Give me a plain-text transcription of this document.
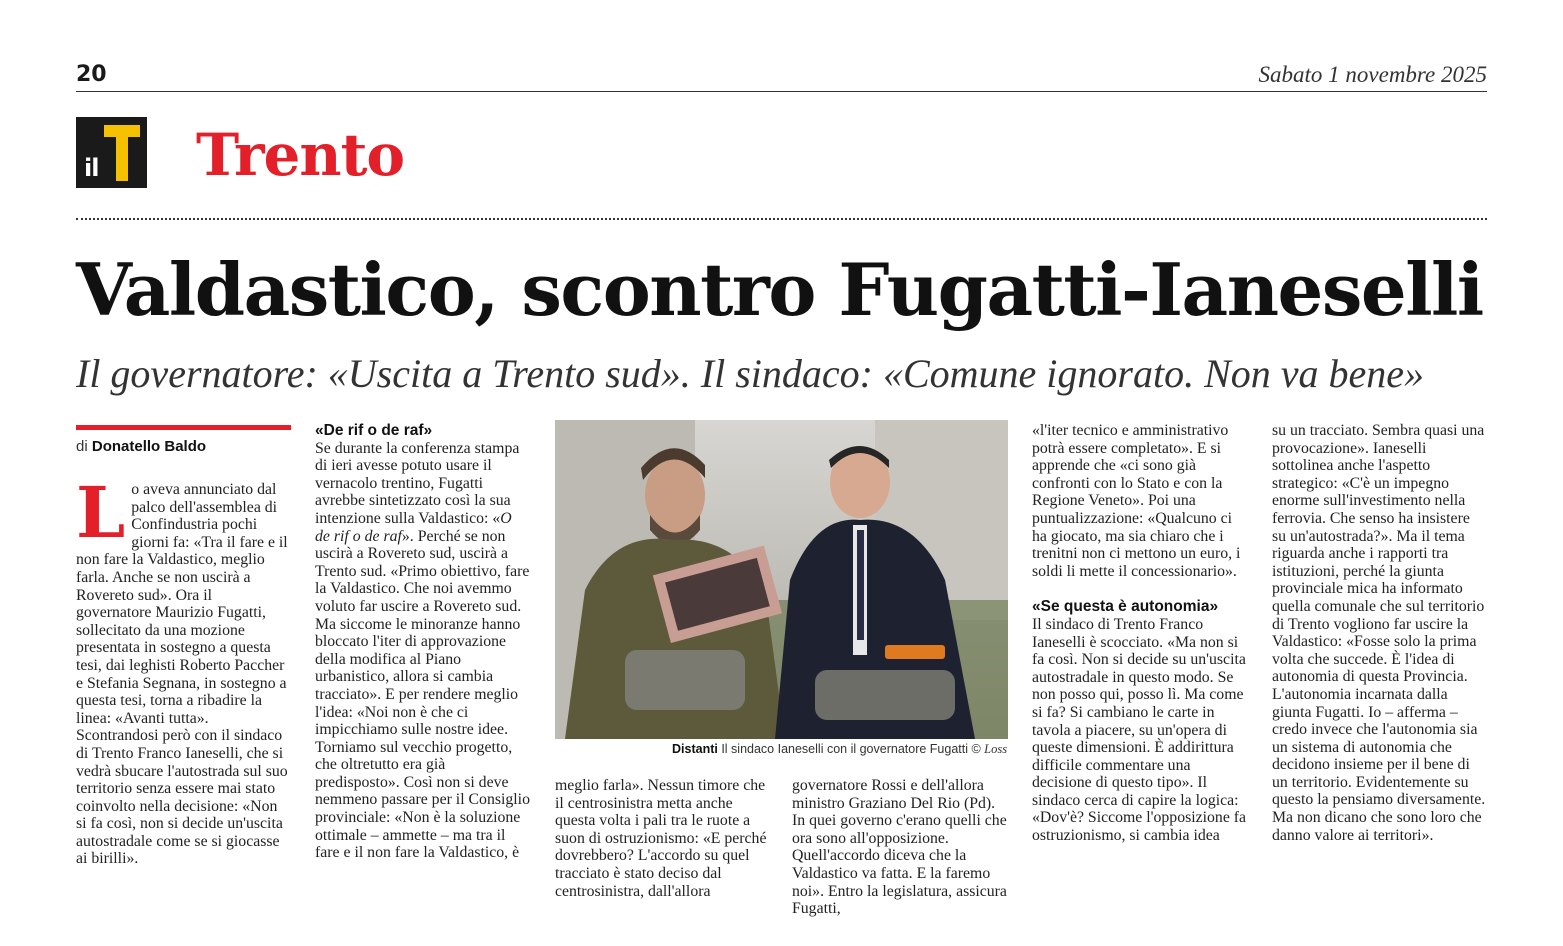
20	Sabato 1 novembre 2025
il Trento
Valdastico, scontro Fugatti-Ianeselli
Il governatore: «Uscita a Trento sud». Il sindaco: «Comune ignorato. Non va bene»
di Donatello Baldo

L o aveva annunciato dal palco dell'assemblea di Confindustria pochi giorni fa: «Tra il fare e il non fare la Valdastico, meglio farla. Anche se non uscirà a Rovereto sud». Ora il governatore Maurizio Fugatti, sollecitato da una mozione presentata in sostegno a questa tesi, dai leghisti Roberto Paccher e Stefania Segnana, in sostegno a questa tesi, torna a ribadire la linea: «Avanti tutta». Scontrandosi però con il sindaco di Trento Franco Ianeselli, che si vedrà sbucare l'autostrada sul suo territorio senza essere mai stato coinvolto nella decisione: «Non si fa così, non si decide un'uscita autostradale come se si giocasse ai birilli».

«De rif o de raf»

Se durante la conferenza stampa di ieri avesse potuto usare il vernacolo trentino, Fugatti avrebbe sintetizzato così la sua intenzione sulla Valdastico: «O de rif o de raf». Perché se non uscirà a Rovereto sud, uscirà a Trento sud. «Primo obiettivo, fare la Valdastico. Che noi avemmo voluto far uscire a Rovereto sud. Ma siccome le minoranze hanno bloccato l'iter di approvazione della modifica al Piano urbanistico, allora si cambia tracciato». E per rendere meglio l'idea: «Noi non è che ci impicchiamo sulle nostre idee. Torniamo sul vecchio progetto, che oltretutto era già predisposto». Così non si deve nemmeno passare per il Consiglio provinciale: «Non è la soluzione ottimale – ammette – ma tra il fare e il non fare la Valdastico, è

Distanti Il sindaco Ianeselli con il governatore Fugatti © Loss

meglio farla». Nessun timore che il centrosinistra metta anche questa volta i pali tra le ruote a suon di ostruzionismo: «E perché dovrebbero? L'accordo su quel tracciato è stato deciso dal centrosinistra, dall'allora

governatore Rossi e dell'allora ministro Graziano Del Rio (Pd). In quei governo c'erano quelli che ora sono all'opposizione. Quell'accordo diceva che la Valdastico va fatta. E la faremo noi». Entro la legislatura, assicura Fugatti,

«l'iter tecnico e amministrativo potrà essere completato». E si apprende che «ci sono già confronti con lo Stato e con la Regione Veneto». Poi una puntualizzazione: «Qualcuno ci ha giocato, ma sia chiaro che i trenitni non ci mettono un euro, i soldi li mette il concessionario».

«Se questa è autonomia»

Il sindaco di Trento Franco Ianeselli è scocciato. «Ma non si fa così. Non si decide su un'uscita autostradale in questo modo. Se non posso qui, posso lì. Ma come si fa? Si cambiano le carte in tavola a piacere, su un'opera di queste dimensioni. È addirittura difficile commentare una decisione di questo tipo». Il sindaco cerca di capire la logica: «Dov'è? Siccome l'opposizione fa ostruzionismo, si cambia idea

su un tracciato. Sembra quasi una provocazione». Ianeselli sottolinea anche l'aspetto strategico: «C'è un impegno enorme sull'investimento nella ferrovia. Che senso ha insistere su un'autostrada?». Ma il tema riguarda anche i rapporti tra istituzioni, perché la giunta provinciale mica ha informato quella comunale che sul territorio di Trento vogliono far uscire la Valdastico: «Fosse solo la prima volta che succede. È l'idea di autonomia di questa Provincia. L'autonomia incarnata dalla giunta Fugatti. Io – afferma – credo invece che l'autonomia sia un sistema di autonomia che decidono insieme per il bene di un territorio. Evidentemente su questo la pensiamo diversamente. Ma non dicano che sono loro che danno valore ai territori».
